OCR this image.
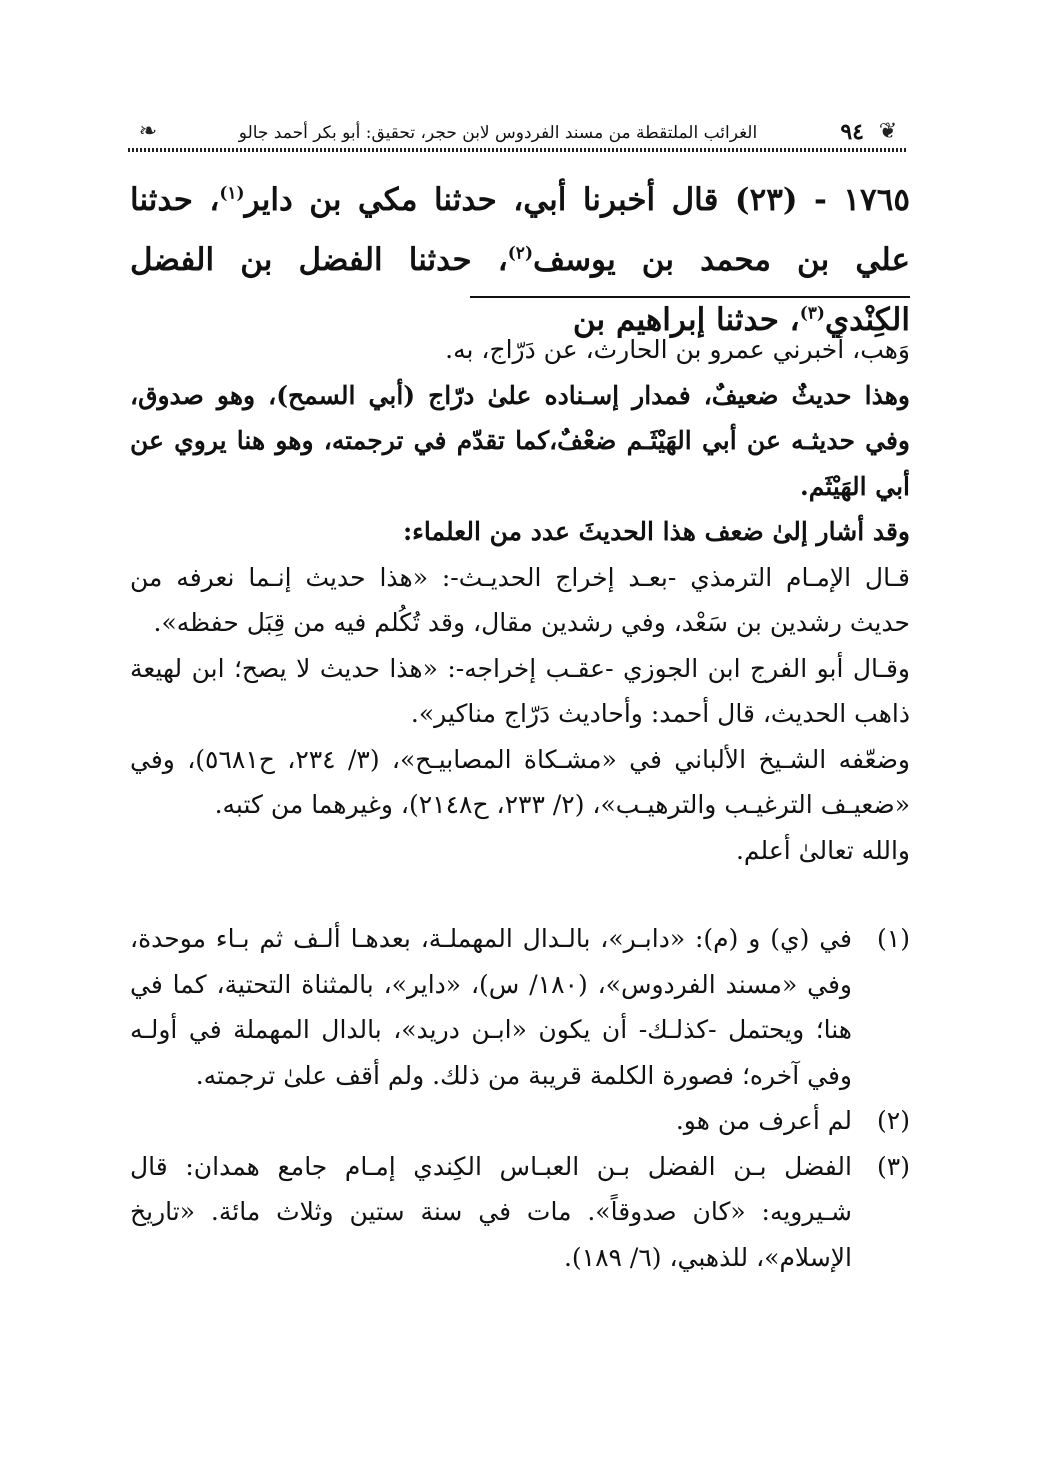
❦
٩٤
الغرائب الملتقطة من مسند الفردوس لابن حجر، تحقيق: أبو بكر أحمد جالو
❧

١٧٦٥ - (٢٣) قال أخبرنا أبي، حدثنا مكي بن داير$^{(١)}$، حدثنا علي بن محمد بن يوسف$^{(٢)}$، حدثنا الفضل بن الفضل الكِنْدي$^{(٣)}$، حدثنا إبراهيم بن

وَهب، أخبرني عمرو بن الحارث، عن دَرّاج، به.

وهذا حديثٌ ضعيفٌ، فمدار إسـناده علىٰ درّاج (أبي السمح)، وهو صدوق، وفي حديثـه عن أبي الهَيْثَـم ضعْفٌ،كما تقدّم في ترجمته، وهو هنا يروي عن أبي الهَيْثَم.

وقد أشار إلىٰ ضعف هذا الحديثَ عدد من العلماء:

قـال الإمـام الترمذي -بعـد إخراج الحديـث-: «هذا حديث إنـما نعرفه من حديث رشدين بن سَعْد، وفي رشدين مقال، وقد تُكُلم فيه من قِبَل حفظه».

وقـال أبو الفرج ابن الجوزي -عقـب إخراجه-: «هذا حديث لا يصح؛ ابن لهيعة ذاهب الحديث، قال أحمد: وأحاديث دَرّاج مناكير».

وضعّفه الشـيخ الألباني في «مشـكاة المصابيـح»، (٣/ ٢٣٤، ح٥٦٨١)، وفي «ضعيـف الترغيـب والترهيـب»، (٢/ ٢٣٣، ح٢١٤٨)، وغيرهما من كتبه.

والله تعالىٰ أعلم.

(١)
في (ي) و (م): «دابـر»، بالـدال المهملـة، بعدهـا ألـف ثم بـاء موحدة، وفي «مسند الفردوس»، (١٨٠/ س)، «داير»، بالمثناة التحتية، كما في هنا؛ ويحتمل -كذلـك- أن يكون «ابـن دريد»، بالدال المهملة في أولـه وفي آخره؛ فصورة الكلمة قريبة من ذلك. ولم أقف علىٰ ترجمته.
(٢)
لم أعرف من هو.
(٣)
الفضل بـن الفضل بـن العبـاس الكِندي إمـام جامع همدان: قال شـيرويه: «كان صدوقاً». مات في سنة ستين وثلاث مائة. «تاريخ الإسلام»، للذهبي، (٦/ ١٨٩).
